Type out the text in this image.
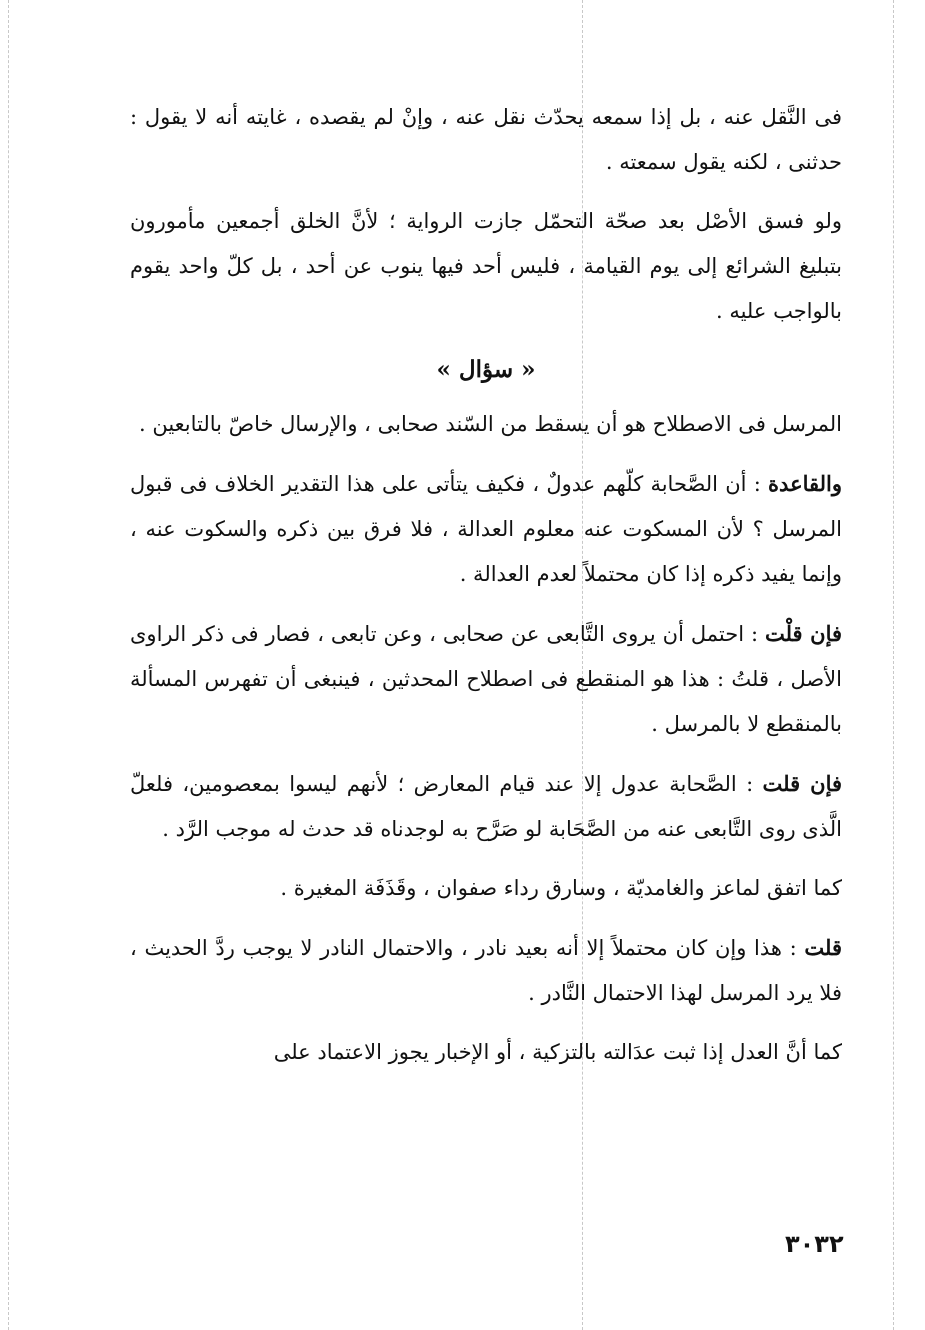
فى النَّقل عنه ، بل إذا سمعه يحدّث نقل عنه ، وإنْ لم يقصده ، غايته أنه لا يقول : حدثنى ، لكنه يقول سمعته .

ولو فسق الأصْل بعد صحّة التحمّل جازت الرواية ؛ لأنَّ الخلق أجمعين مأمورون بتبليغ الشرائع إلى يوم القيامة ، فليس أحد فيها ينوب عن أحد ، بل كلّ واحد يقوم بالواجب عليه .

« سؤال »

المرسل فى الاصطلاح هو أن يسقط من السّند صحابى ، والإرسال خاصّ بالتابعين .

والقاعدة : أن الصَّحابة كلّهم عدولٌ ، فكيف يتأتى على هذا التقدير الخلاف فى قبول المرسل ؟ لأن المسكوت عنه معلوم العدالة ، فلا فرق بين ذكره والسكوت عنه ، وإنما يفيد ذكره إذا كان محتملاً لعدم العدالة .

فإن قلْت : احتمل أن يروى التَّابعى عن صحابى ، وعن تابعى ، فصار فى ذكر الراوى الأصل ، قلتُ : هذا هو المنقطع فى اصطلاح المحدثين ، فينبغى أن تفهرس المسألة بالمنقطع لا بالمرسل .

فإن قلت : الصَّحابة عدول إلا عند قيام المعارض ؛ لأنهم ليسوا بمعصومين، فلعلّ الَّذى روى التَّابعى عنه من الصَّحَابة لو صَرَّح به لوجدناه قد حدث له موجب الرَّد .

كما اتفق لماعز والغامديّة ، وسارق رداء صفوان ، وقَذَفَة المغيرة .

قلت : هذا وإن كان محتملاً إلا أنه بعيد نادر ، والاحتمال النادر لا يوجب ردَّ الحديث ، فلا يرد المرسل لهذا الاحتمال النَّادر .

كما أنَّ العدل إذا ثبت عدَالته بالتزكية ، أو الإخبار يجوز الاعتماد على

٣٠٣٢
